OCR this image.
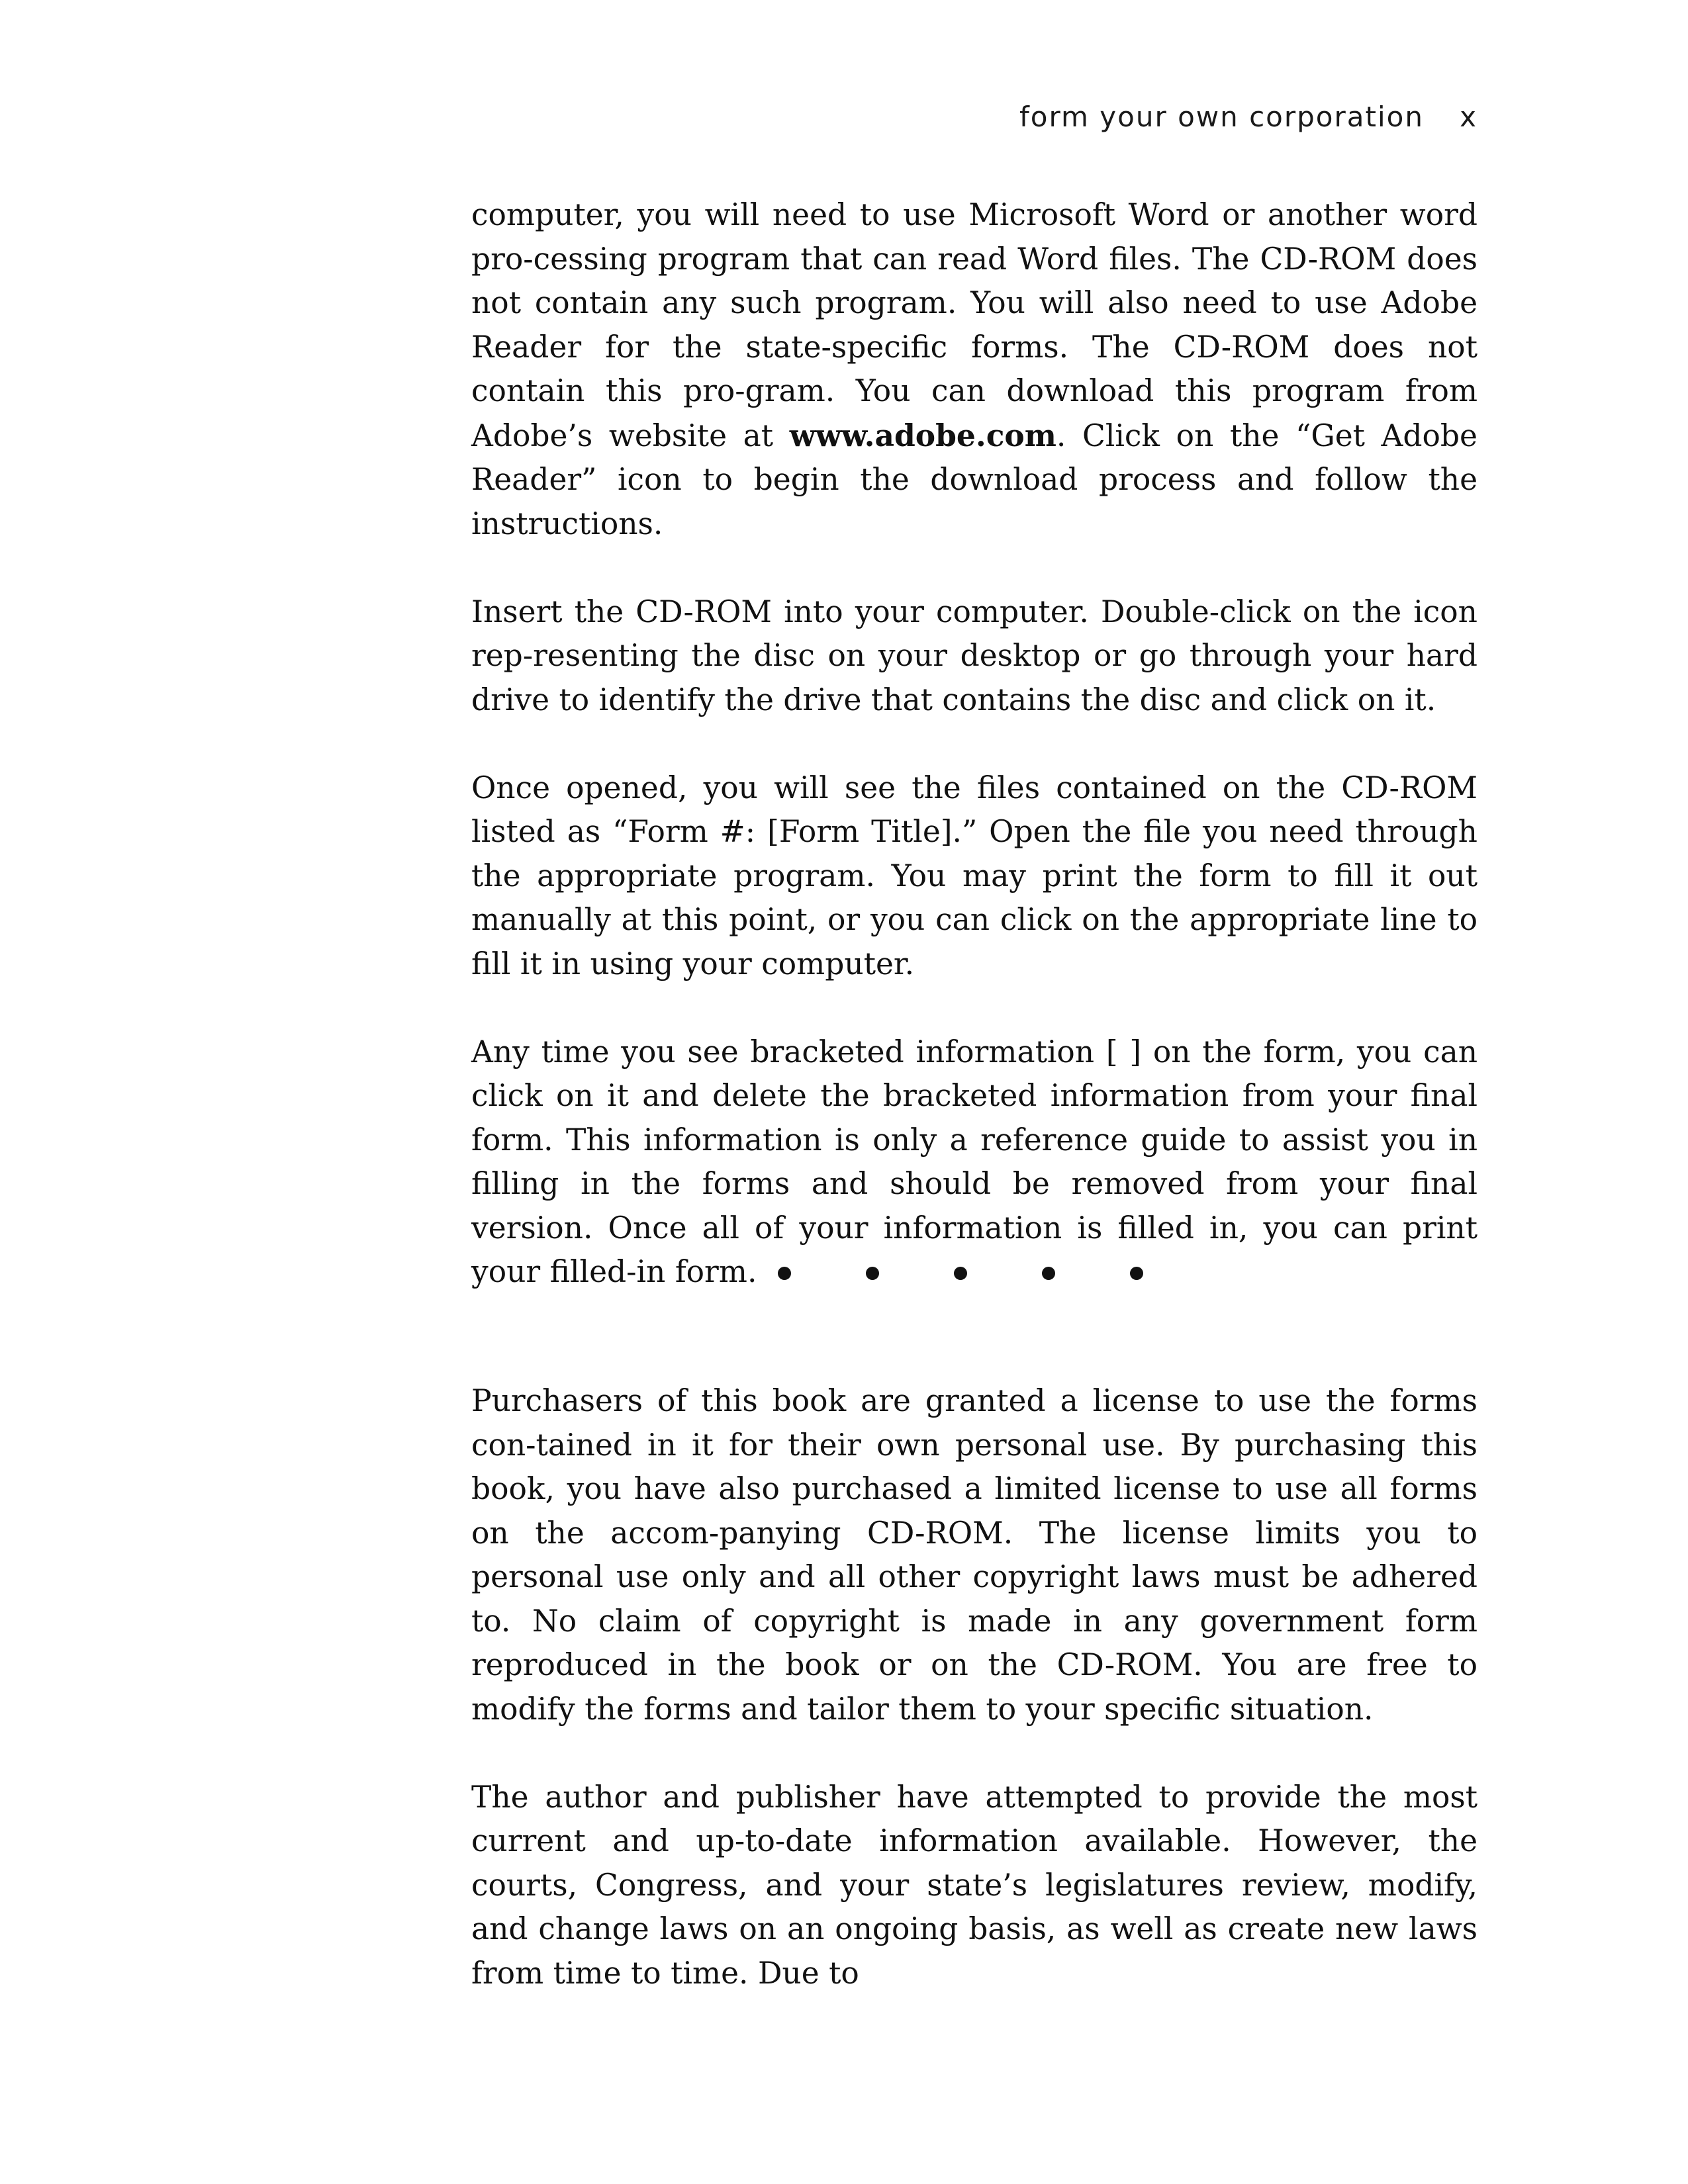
form your own corporation x

computer, you will need to use Microsoft Word or another word pro-cessing program that can read Word files. The CD-ROM does not contain any such program. You will also need to use Adobe Reader for the state-specific forms. The CD-ROM does not contain this pro-gram. You can download this program from Adobe’s website at www.adobe.com. Click on the “Get Adobe Reader” icon to begin the download process and follow the instructions.

Insert the CD-ROM into your computer. Double-click on the icon rep-resenting the disc on your desktop or go through your hard drive to identify the drive that contains the disc and click on it.

Once opened, you will see the files contained on the CD-ROM listed as “Form #: [Form Title].” Open the file you need through the appropriate program. You may print the form to fill it out manually at this point, or you can click on the appropriate line to fill it in using your computer.

Any time you see bracketed information [ ] on the form, you can click on it and delete the bracketed information from your final form. This information is only a reference guide to assist you in filling in the forms and should be removed from your final version. Once all of your information is filled in, you can print your filled-in form.

Purchasers of this book are granted a license to use the forms con-tained in it for their own personal use. By purchasing this book, you have also purchased a limited license to use all forms on the accom-panying CD-ROM. The license limits you to personal use only and all other copyright laws must be adhered to. No claim of copyright is made in any government form reproduced in the book or on the CD-ROM. You are free to modify the forms and tailor them to your specific situation.

The author and publisher have attempted to provide the most current and up-to-date information available. However, the courts, Congress, and your state’s legislatures review, modify, and change laws on an ongoing basis, as well as create new laws from time to time. Due to
